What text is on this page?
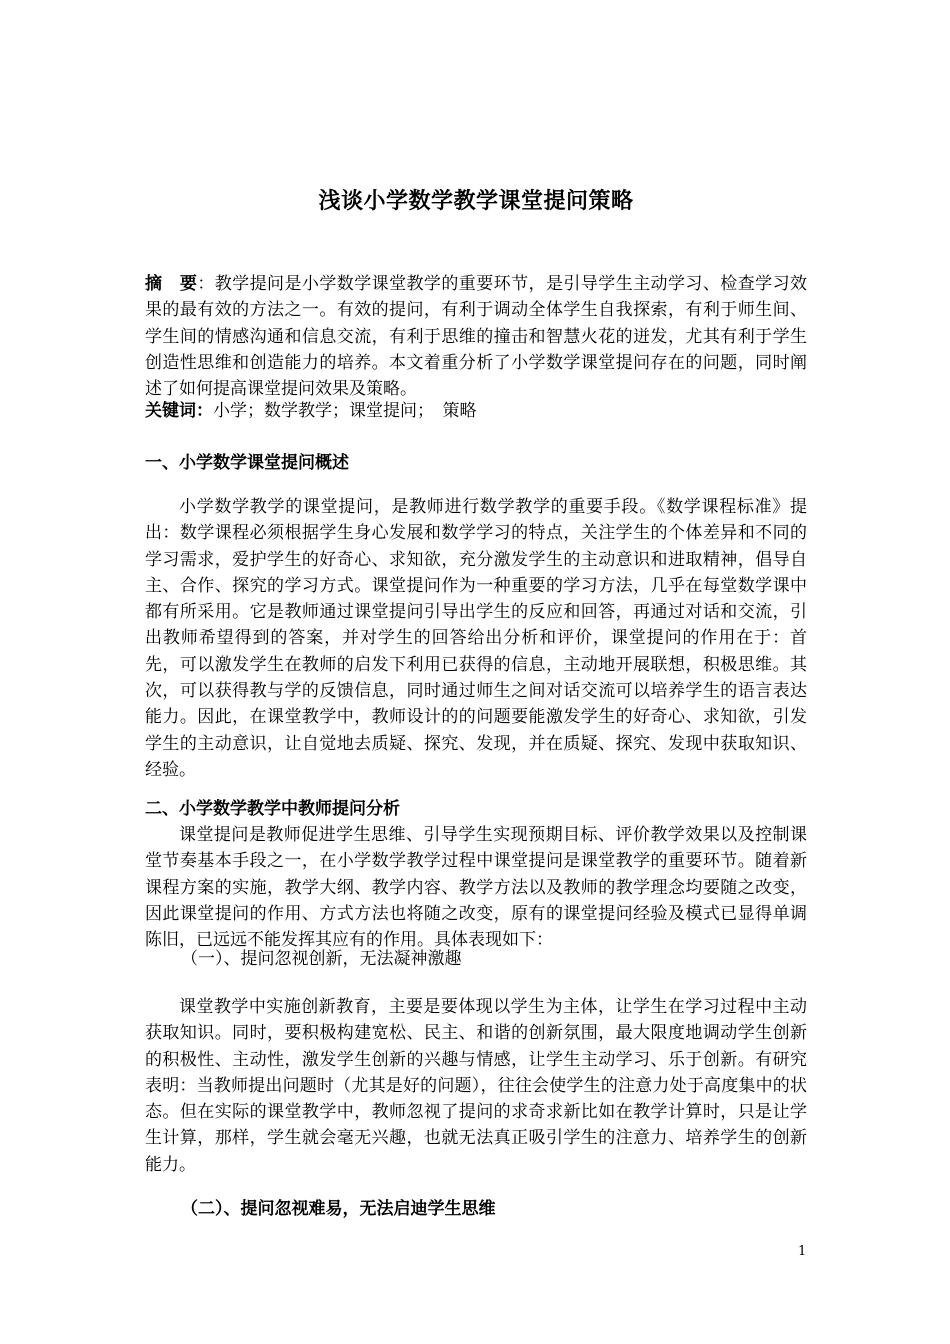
浅谈小学数学教学课堂提问策略
摘　要：教学提问是小学数学课堂教学的重要环节，是引导学生主动学习、检查学习效果的最有效的方法之一。有效的提问，有利于调动全体学生自我探索，有利于师生间、学生间的情感沟通和信息交流，有利于思维的撞击和智慧火花的迸发，尤其有利于学生创造性思维和创造能力的培养。本文着重分析了小学数学课堂提问存在的问题，同时阐述了如何提高课堂提问效果及策略。
关键词：小学；数学教学；课堂提问；　策略
一、小学数学课堂提问概述
小学数学教学的课堂提问，是教师进行数学教学的重要手段。《数学课程标准》提出：数学课程必须根据学生身心发展和数学学习的特点，关注学生的个体差异和不同的学习需求，爱护学生的好奇心、求知欲，充分激发学生的主动意识和进取精神，倡导自主、合作、探究的学习方式。课堂提问作为一种重要的学习方法，几乎在每堂数学课中都有所采用。它是教师通过课堂提问引导出学生的反应和回答，再通过对话和交流，引出教师希望得到的答案，并对学生的回答给出分析和评价，课堂提问的作用在于：首先，可以激发学生在教师的启发下利用已获得的信息，主动地开展联想，积极思维。其次，可以获得教与学的反馈信息，同时通过师生之间对话交流可以培养学生的语言表达能力。因此，在课堂教学中，教师设计的的问题要能激发学生的好奇心、求知欲，引发学生的主动意识，让自觉地去质疑、探究、发现，并在质疑、探究、发现中获取知识、经验。
二、小学数学教学中教师提问分析
课堂提问是教师促进学生思维、引导学生实现预期目标、评价教学效果以及控制课堂节奏基本手段之一，在小学数学教学过程中课堂提问是课堂教学的重要环节。随着新课程方案的实施，教学大纲、教学内容、教学方法以及教师的教学理念均要随之改变，因此课堂提问的作用、方式方法也将随之改变，原有的课堂提问经验及模式已显得单调陈旧，已远远不能发挥其应有的作用。具体表现如下：
（一）、提问忽视创新，无法凝神激趣
课堂教学中实施创新教育，主要是要体现以学生为主体，让学生在学习过程中主动获取知识。同时，要积极构建宽松、民主、和谐的创新氛围，最大限度地调动学生创新的积极性、主动性，激发学生创新的兴趣与情感，让学生主动学习、乐于创新。有研究表明：当教师提出问题时（尤其是好的问题），往往会使学生的注意力处于高度集中的状态。但在实际的课堂教学中，教师忽视了提问的求奇求新比如在教学计算时，只是让学生计算，那样，学生就会毫无兴趣，也就无法真正吸引学生的注意力、培养学生的创新能力。
（二）、提问忽视难易，无法启迪学生思维
1
